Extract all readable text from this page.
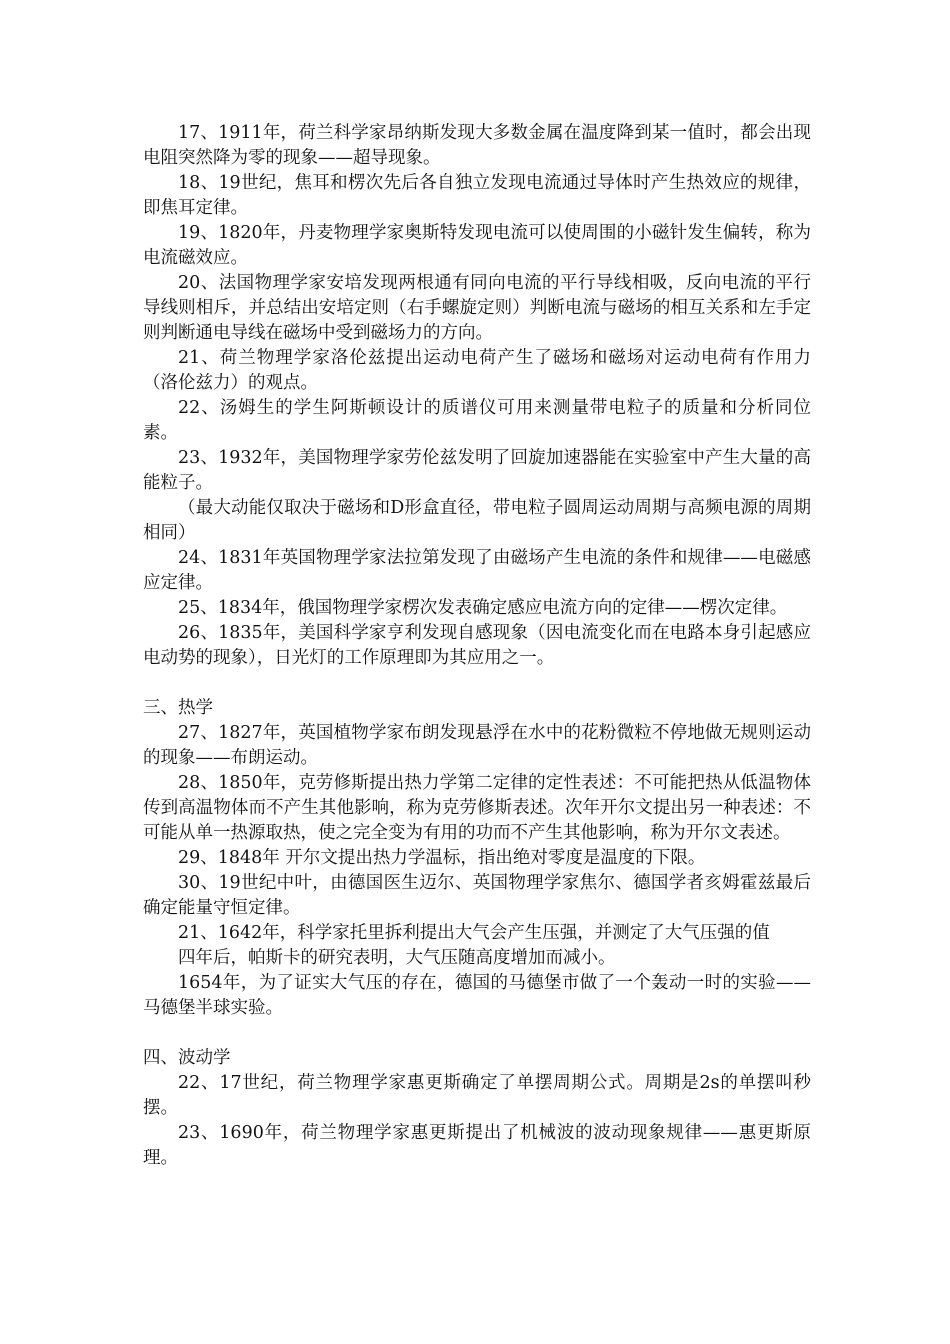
17、1911年，荷兰科学家昂纳斯发现大多数金属在温度降到某一值时，都会出现电阻突然降为零的现象——超导现象。

18、19世纪，焦耳和楞次先后各自独立发现电流通过导体时产生热效应的规律，即焦耳定律。

19、1820年，丹麦物理学家奥斯特发现电流可以使周围的小磁针发生偏转，称为电流磁效应。

20、法国物理学家安培发现两根通有同向电流的平行导线相吸，反向电流的平行导线则相斥，并总结出安培定则（右手螺旋定则）判断电流与磁场的相互关系和左手定则判断通电导线在磁场中受到磁场力的方向。

21、荷兰物理学家洛伦兹提出运动电荷产生了磁场和磁场对运动电荷有作用力（洛伦兹力）的观点。

22、汤姆生的学生阿斯顿设计的质谱仪可用来测量带电粒子的质量和分析同位素。

23、1932年，美国物理学家劳伦兹发明了回旋加速器能在实验室中产生大量的高能粒子。

（最大动能仅取决于磁场和D形盒直径，带电粒子圆周运动周期与高频电源的周期相同）

24、1831年英国物理学家法拉第发现了由磁场产生电流的条件和规律——电磁感应定律。

25、1834年，俄国物理学家楞次发表确定感应电流方向的定律——楞次定律。

26、1835年，美国科学家亨利发现自感现象（因电流变化而在电路本身引起感应电动势的现象），日光灯的工作原理即为其应用之一。

三、热学

27、1827年，英国植物学家布朗发现悬浮在水中的花粉微粒不停地做无规则运动的现象——布朗运动。

28、1850年，克劳修斯提出热力学第二定律的定性表述：不可能把热从低温物体传到高温物体而不产生其他影响，称为克劳修斯表述。次年开尔文提出另一种表述：不可能从单一热源取热，使之完全变为有用的功而不产生其他影响，称为开尔文表述。

29、1848年 开尔文提出热力学温标，指出绝对零度是温度的下限。

30、19世纪中叶，由德国医生迈尔、英国物理学家焦尔、德国学者亥姆霍兹最后确定能量守恒定律。

21、1642年，科学家托里拆利提出大气会产生压强，并测定了大气压强的值

四年后，帕斯卡的研究表明，大气压随高度增加而减小。

1654年，为了证实大气压的存在，德国的马德堡市做了一个轰动一时的实验——马德堡半球实验。

四、波动学

22、17世纪，荷兰物理学家惠更斯确定了单摆周期公式。周期是2s的单摆叫秒摆。

23、1690年，荷兰物理学家惠更斯提出了机械波的波动现象规律——惠更斯原理。
